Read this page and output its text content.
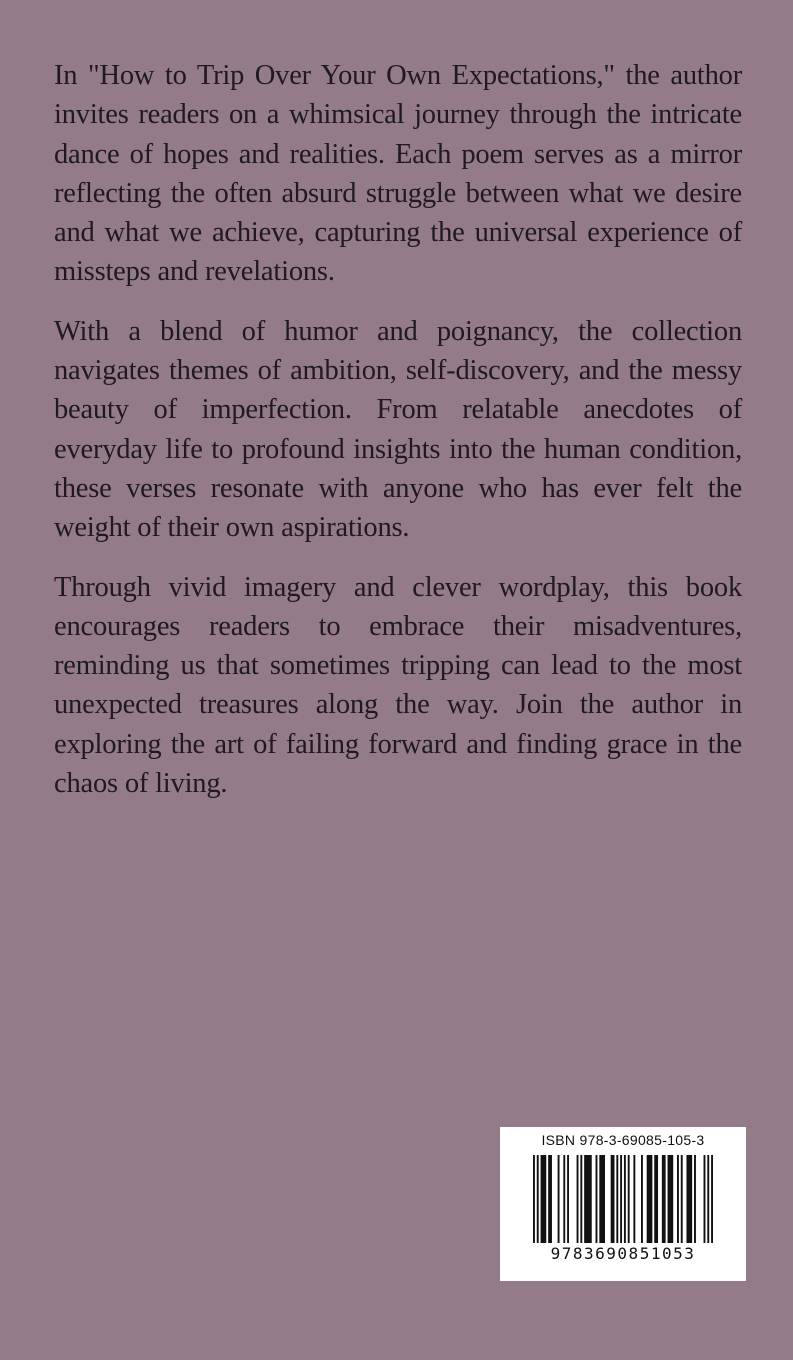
In "How to Trip Over Your Own Expectations," the author invites readers on a whimsical journey through the intricate dance of hopes and realities. Each poem serves as a mirror reflecting the often absurd struggle between what we desire and what we achieve, capturing the universal experience of missteps and revelations.

With a blend of humor and poignancy, the collection navigates themes of ambition, self-discovery, and the messy beauty of imperfection. From relatable anecdotes of everyday life to profound insights into the human condition, these verses resonate with anyone who has ever felt the weight of their own aspirations.

Through vivid imagery and clever wordplay, this book encourages readers to embrace their misadventures, reminding us that sometimes tripping can lead to the most unexpected treasures along the way. Join the author in exploring the art of failing forward and finding grace in the chaos of living.

ISBN 978-3-69085-105-3
9783690851053
